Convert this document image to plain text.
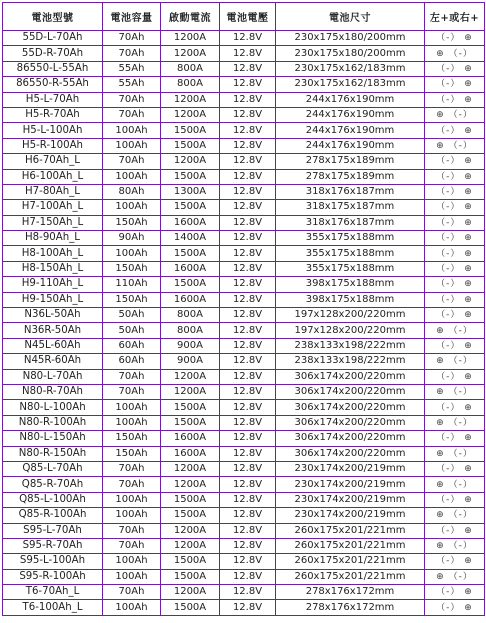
電池型號	電池容量	啟動電流	電池電壓	電池尺寸	左+或右+
55D-L-70Ah	70Ah	1200A	12.8V	230x175x180/200mm	（-） ⊕
55D-R-70Ah	70Ah	1200A	12.8V	230x175x180/200mm	⊕ （-）
86550-L-55Ah	55Ah	800A	12.8V	230x175x162/183mm	（-） ⊕
86550-R-55Ah	55Ah	800A	12.8V	230x175x162/183mm	（-） ⊕
H5-L-70Ah	70Ah	1200A	12.8V	244x176x190mm	（-） ⊕
H5-R-70Ah	70Ah	1200A	12.8V	244x176x190mm	⊕ （-）
H5-L-100Ah	100Ah	1500A	12.8V	244x176x190mm	（-） ⊕
H5-R-100Ah	100Ah	1500A	12.8V	244x176x190mm	⊕ （-）
H6-70Ah_L	70Ah	1200A	12.8V	278x175x189mm	（-） ⊕
H6-100Ah_L	100Ah	1500A	12.8V	278x175x189mm	（-） ⊕
H7-80Ah_L	80Ah	1300A	12.8V	318x176x187mm	（-） ⊕
H7-100Ah_L	100Ah	1500A	12.8V	318x175x187mm	（-） ⊕
H7-150Ah_L	150Ah	1600A	12.8V	318x176x187mm	（-） ⊕
H8-90Ah_L	90Ah	1400A	12.8V	355x175x188mm	（-） ⊕
H8-100Ah_L	100Ah	1500A	12.8V	355x175x188mm	（-） ⊕
H8-150Ah_L	150Ah	1600A	12.8V	355x175x188mm	（-） ⊕
H9-110Ah_L	110Ah	1500A	12.8V	398x175x188mm	（-） ⊕
H9-150Ah_L	150Ah	1600A	12.8V	398x175x188mm	（-） ⊕
N36L-50Ah	50Ah	800A	12.8V	197x128x200/220mm	（-） ⊕
N36R-50Ah	50Ah	800A	12.8V	197x128x200/220mm	⊕ （-）
N45L-60Ah	60Ah	900A	12.8V	238x133x198/222mm	（-） ⊕
N45R-60Ah	60Ah	900A	12.8V	238x133x198/222mm	⊕ （-）
N80-L-70Ah	70Ah	1200A	12.8V	306x174x200/220mm	（-） ⊕
N80-R-70Ah	70Ah	1200A	12.8V	306x174x200/220mm	⊕ （-）
N80-L-100Ah	100Ah	1500A	12.8V	306x174x200/220mm	（-） ⊕
N80-R-100Ah	100Ah	1500A	12.8V	306x174x200/220mm	⊕ （-）
N80-L-150Ah	150Ah	1600A	12.8V	306x174x200/220mm	（-） ⊕
N80-R-150Ah	150Ah	1600A	12.8V	306x174x200/220mm	⊕ （-）
Q85-L-70Ah	70Ah	1200A	12.8V	230x174x200/219mm	（-） ⊕
Q85-R-70Ah	70Ah	1200A	12.8V	230x174x200/219mm	⊕ （-）
Q85-L-100Ah	100Ah	1500A	12.8V	230x174x200/219mm	（-） ⊕
Q85-R-100Ah	100Ah	1500A	12.8V	230x174x200/219mm	⊕ （-）
S95-L-70Ah	70Ah	1200A	12.8V	260x175x201/221mm	（-） ⊕
S95-R-70Ah	70Ah	1200A	12.8V	260x175x201/221mm	⊕ （-）
S95-L-100Ah	100Ah	1500A	12.8V	260x175x201/221mm	（-） ⊕
S95-R-100Ah	100Ah	1500A	12.8V	260x175x201/221mm	⊕ （-）
T6-70Ah_L	70Ah	1200A	12.8V	278x176x172mm	（-） ⊕
T6-100Ah_L	100Ah	1500A	12.8V	278x176x172mm	（-） ⊕
